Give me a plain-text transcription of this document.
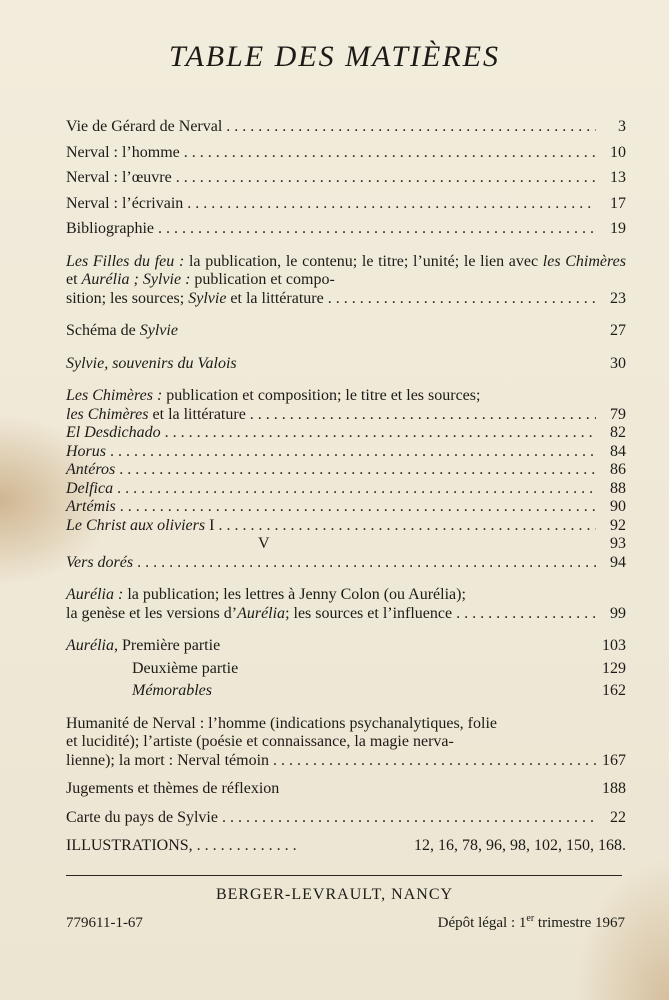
TABLE DES MATIÈRES
Vie de Gérard de Nerval . . .	3
Nerval : l’homme . . .	10
Nerval : l’œuvre . . .	13
Nerval : l’écrivain . . .	17
Bibliographie . . .	19
Les Filles du feu : la publication, le contenu; le titre; l’unité; le lien avec les Chimères et Aurélia ; Sylvie : publication et compo-
sition; les sources; Sylvie et la littérature . . .	23
Schéma de Sylvie	27
Sylvie, souvenirs du Valois	30
Les Chimères : publication et composition; le titre et les sources;
les Chimères et la littérature . . .	79
El Desdichado . . .	82
Horus . . .	84
Antéros . . .	86
Delfica . . .	88
Artémis . . .	90
Le Christ aux oliviers I . . .	92
V	93
Vers dorés . . .	94
Aurélia : la publication; les lettres à Jenny Colon (ou Aurélia);
la genèse et les versions d’Aurélia; les sources et l’influence . . .	99
Aurélia, Première partie	103
Deuxième partie	129
Mémorables	162
Humanité de Nerval : l’homme (indications psychanalytiques, folie
et lucidité); l’artiste (poésie et connaissance, la magie nerva-
lienne); la mort : Nerval témoin . . .	167
Jugements et thèmes de réflexion	188
Carte du pays de Sylvie . . .	22
ILLUSTRATIONS, . . .	12, 16, 78, 96, 98, 102, 150, 168.
BERGER-LEVRAULT, NANCY
779611-1-67	Dépôt légal : 1er trimestre 1967
